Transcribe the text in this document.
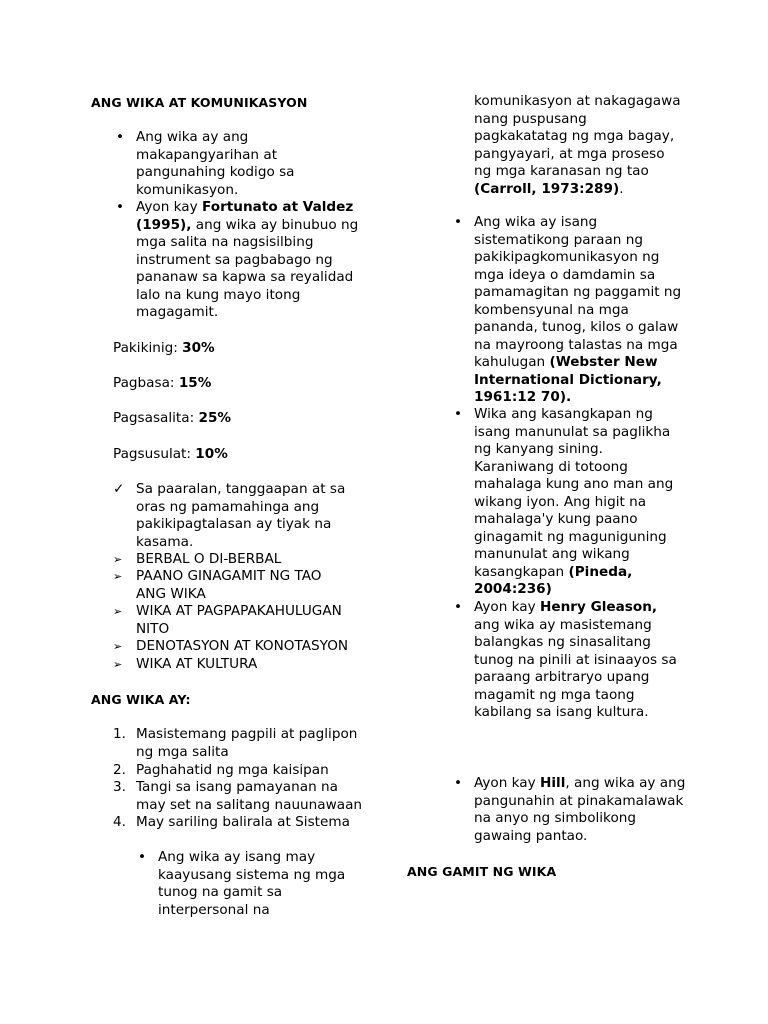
ANG WIKA AT KOMUNIKASYON
• Ang wika ay ang makapangyarihan at pangunahing kodigo sa komunikasyon.
• Ayon kay Fortunato at Valdez (1995), ang wika ay binubuo ng mga salita na nagsisilbing instrument sa pagbabago ng pananaw sa kapwa sa reyalidad lalo na kung mayo itong magagamit.
Pakikinig: 30%
Pagbasa: 15%
Pagsasalita: 25%
Pagsusulat: 10%
✓ Sa paaralan, tanggaapan at sa oras ng pamamahinga ang pakikipagtalasan ay tiyak na kasama.
➢ BERBAL O DI-BERBAL
➢ PAANO GINAGAMIT NG TAO ANG WIKA
➢ WIKA AT PAGPAPAKAHULUGAN NITO
➢ DENOTASYON AT KONOTASYON
➢ WIKA AT KULTURA
ANG WIKA AY:
1. Masistemang pagpili at paglipon ng mga salita
2. Paghahatid ng mga kaisipan
3. Tangi sa isang pamayanan na may set na salitang nauunawaan
4. May sariling balirala at Sistema
• Ang wika ay isang may kaayusang sistema ng mga tunog na gamit sa interpersonal na
komunikasyon at nakagagawa nang puspusang pagkakatatag ng mga bagay, pangyayari, at mga proseso ng mga karanasan ng tao (Carroll, 1973:289).
• Ang wika ay isang sistematikong paraan ng pakikipagkomunikasyon ng mga ideya o damdamin sa pamamagitan ng paggamit ng kombensyunal na mga pananda, tunog, kilos o galaw na mayroong talastas na mga kahulugan (Webster New International Dictionary, 1961:12 70).
• Wika ang kasangkapan ng isang manunulat sa paglikha ng kanyang sining. Karaniwang di totoong mahalaga kung ano man ang wikang iyon. Ang higit na mahalaga'y kung paano ginagamit ng maguniguning manunulat ang wikang kasangkapan (Pineda, 2004:236)
• Ayon kay Henry Gleason, ang wika ay masistemang balangkas ng sinasalitang tunog na pinili at isinaayos sa paraang arbitraryo upang magamit ng mga taong kabilang sa isang kultura.
• Ayon kay Hill, ang wika ay ang pangunahin at pinakamalawak na anyo ng simbolikong gawaing pantao.
ANG GAMIT NG WIKA
